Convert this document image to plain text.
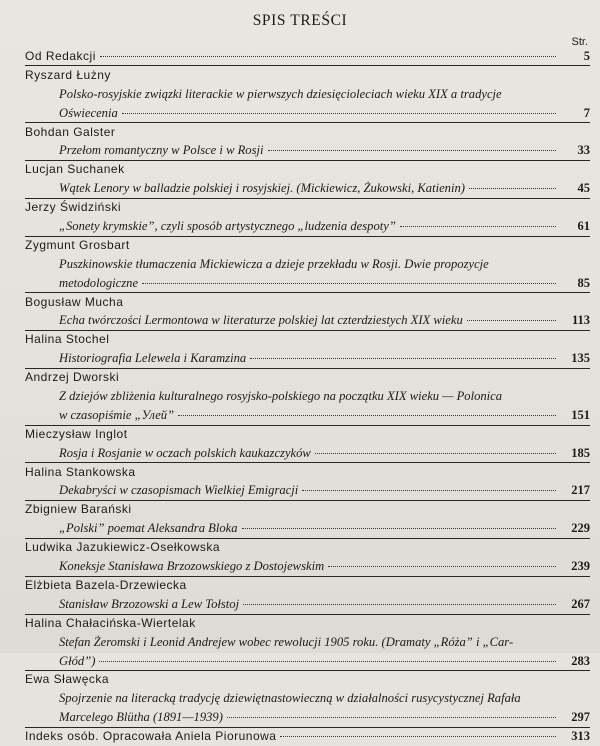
SPIS TREŚCI
Str.
Od Redakcji	5
Ryszard Łużny
Polsko-rosyjskie związki literackie w pierwszych dziesięcioleciach wieku XIX a tradycje
Oświecenia	7
Bohdan Galster
Przełom romantyczny w Polsce i w Rosji	33
Lucjan Suchanek
Wątek Lenory w balladzie polskiej i rosyjskiej. (Mickiewicz, Żukowski, Katienin)	45
Jerzy Świdziński
„Sonety krymskie”, czyli sposób artystycznego „ludzenia despoty”	61
Zygmunt Grosbart
Puszkinowskie tłumaczenia Mickiewicza a dzieje przekładu w Rosji. Dwie propozycje
metodologiczne	85
Bogusław Mucha
Echa twórczości Lermontowa w literaturze polskiej lat czterdziestych XIX wieku	113
Halina Stochel
Historiografia Lelewela i Karamzina	135
Andrzej Dworski
Z dziejów zbliżenia kulturalnego rosyjsko-polskiego na początku XIX wieku — Polonica
w czasopiśmie „Улей”	151
Mieczysław Inglot
Rosja i Rosjanie w oczach polskich kaukazczyków	185
Halina Stankowska
Dekabryści w czasopismach Wielkiej Emigracji	217
Zbigniew Barański
„Polski” poemat Aleksandra Bloka	229
Ludwika Jazukiewicz-Osełkowska
Koneksje Stanisława Brzozowskiego z Dostojewskim	239
Elżbieta Bazela-Drzewiecka
Stanisław Brzozowski a Lew Tołstoj	267
Halina Chałacińska-Wiertelak
Stefan Żeromski i Leonid Andrejew wobec rewolucji 1905 roku. (Dramaty „Róża” i „Car-
Głód”)	283
Ewa Sławęcka
Spojrzenie na literacką tradycję dziewiętnastowieczną w działalności rusycystycznej Rafała
Marcelego Blütha (1891—1939)	297
Indeks osób. Opracowała Aniela Piorunowa	313
